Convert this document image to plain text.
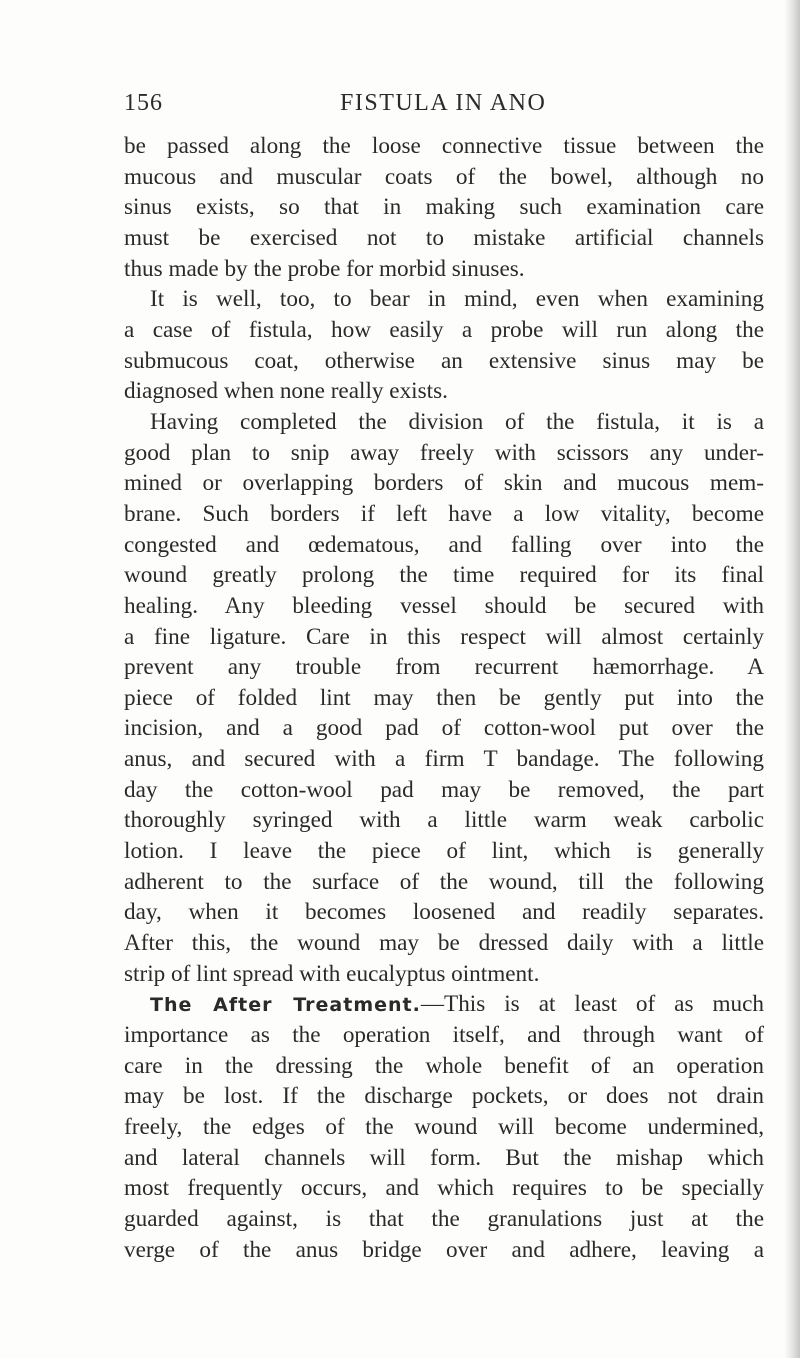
156	FISTULA IN ANO
be passed along the loose connective tissue between the
mucous and muscular coats of the bowel, although no
sinus exists, so that in making such examination care
must be exercised not to mistake artificial channels
thus made by the probe for morbid sinuses.
It is well, too, to bear in mind, even when examining
a case of fistula, how easily a probe will run along the
submucous coat, otherwise an extensive sinus may be
diagnosed when none really exists.
Having completed the division of the fistula, it is a
good plan to snip away freely with scissors any under-
mined or overlapping borders of skin and mucous mem-
brane. Such borders if left have a low vitality, become
congested and œdematous, and falling over into the
wound greatly prolong the time required for its final
healing. Any bleeding vessel should be secured with
a fine ligature. Care in this respect will almost certainly
prevent any trouble from recurrent hæmorrhage. A
piece of folded lint may then be gently put into the
incision, and a good pad of cotton-wool put over the
anus, and secured with a firm T bandage. The following
day the cotton-wool pad may be removed, the part
thoroughly syringed with a little warm weak carbolic
lotion. I leave the piece of lint, which is generally
adherent to the surface of the wound, till the following
day, when it becomes loosened and readily separates.
After this, the wound may be dressed daily with a little
strip of lint spread with eucalyptus ointment.
The After Treatment.—This is at least of as much
importance as the operation itself, and through want of
care in the dressing the whole benefit of an operation
may be lost. If the discharge pockets, or does not drain
freely, the edges of the wound will become undermined,
and lateral channels will form. But the mishap which
most frequently occurs, and which requires to be specially
guarded against, is that the granulations just at the
verge of the anus bridge over and adhere, leaving a
